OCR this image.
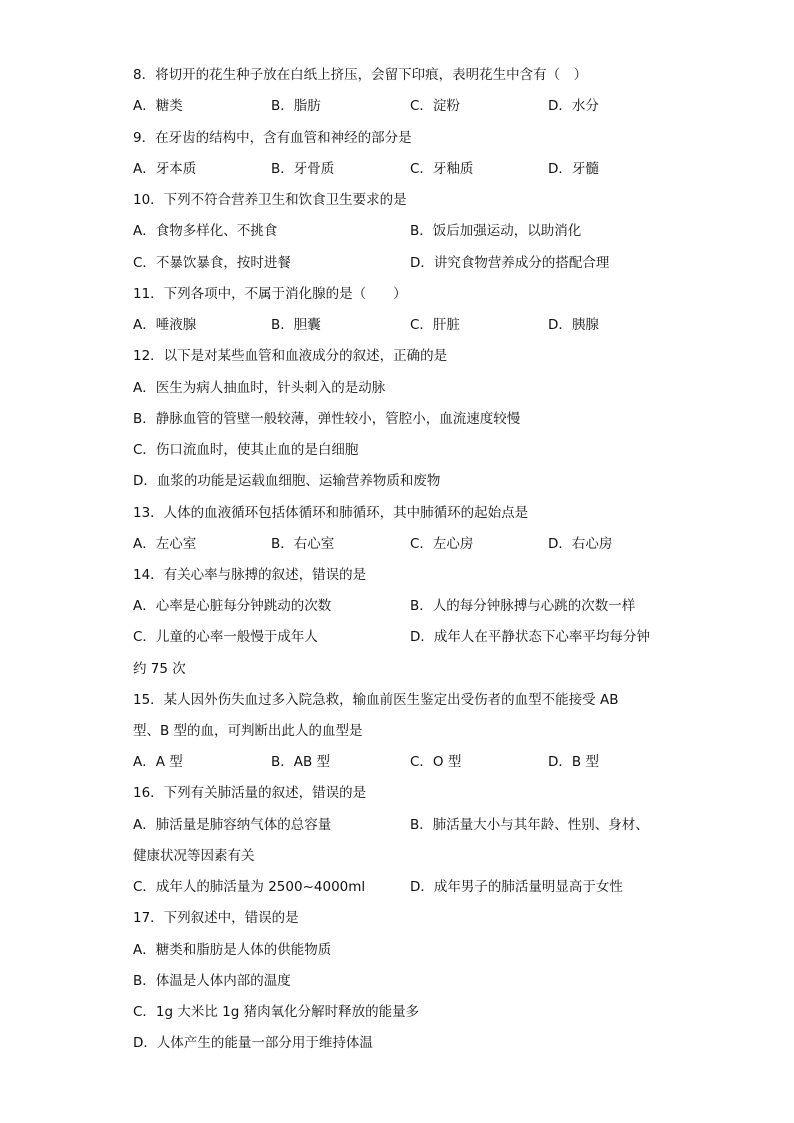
8．将切开的花生种子放在白纸上挤压，会留下印痕，表明花生中含有（　）
A．糖类	B．脂肪	C．淀粉	D．水分
9．在牙齿的结构中，含有血管和神经的部分是
A．牙本质	B．牙骨质	C．牙釉质	D．牙髓
10．下列不符合营养卫生和饮食卫生要求的是
A．食物多样化、不挑食	B．饭后加强运动，以助消化
C．不暴饮暴食，按时进餐	D．讲究食物营养成分的搭配合理
11．下列各项中，不属于消化腺的是（　　）
A．唾液腺	B．胆囊	C．肝脏	D．胰腺
12．以下是对某些血管和血液成分的叙述，正确的是
A．医生为病人抽血时，针头刺入的是动脉
B．静脉血管的管壁一般较薄，弹性较小，管腔小，血流速度较慢
C．伤口流血时，使其止血的是白细胞
D．血浆的功能是运载血细胞、运输营养物质和废物
13．人体的血液循环包括体循环和肺循环，其中肺循环的起始点是
A．左心室	B．右心室	C．左心房	D．右心房
14．有关心率与脉搏的叙述，错误的是
A．心率是心脏每分钟跳动的次数	B．人的每分钟脉搏与心跳的次数一样
C．儿童的心率一般慢于成年人	D．成年人在平静状态下心率平均每分钟
约 75 次
15．某人因外伤失血过多入院急救，输血前医生鉴定出受伤者的血型不能接受 AB
型、B 型的血，可判断出此人的血型是
A．A 型	B．AB 型	C．O 型	D．B 型
16．下列有关肺活量的叙述，错误的是
A．肺活量是肺容纳气体的总容量	B．肺活量大小与其年龄、性别、身材、
健康状况等因素有关
C．成年人的肺活量为 2500~4000ml	D．成年男子的肺活量明显高于女性
17．下列叙述中，错误的是
A．糖类和脂肪是人体的供能物质
B．体温是人体内部的温度
C．1g 大米比 1g 猪肉氧化分解时释放的能量多
D．人体产生的能量一部分用于维持体温
